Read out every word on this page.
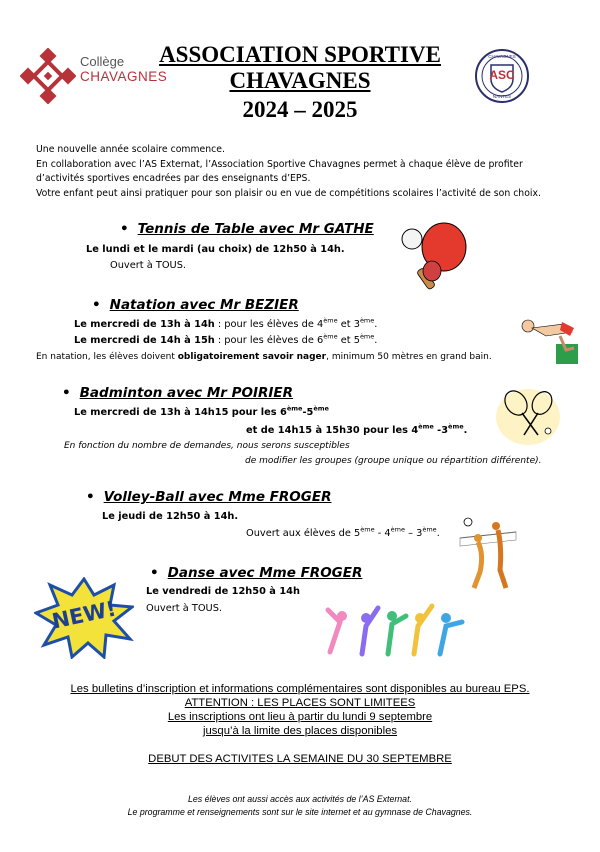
Collège
CHAVAGNES
ASSOCIATION SPORTIVE
CHAVAGNES
2024 – 2025
ASC
CHAVAGNES
NANTES
Une nouvelle année scolaire commence.
En collaboration avec l’AS Externat, l’Association Sportive Chavagnes permet à chaque élève de profiter
d’activités sportives encadrées par des enseignants d’EPS.
Votre enfant peut ainsi pratiquer pour son plaisir ou en vue de compétitions scolaires l’activité de son choix.
• Tennis de Table avec Mr GATHE
Le lundi et le mardi (au choix) de 12h50 à 14h.
Ouvert à TOUS.
• Natation avec Mr BEZIER
Le mercredi de 13h à 14h : pour les élèves de 4ème et 3ème.
Le mercredi de 14h à 15h : pour les élèves de 6ème et 5ème.
En natation, les élèves doivent obligatoirement savoir nager, minimum 50 mètres en grand bain.
• Badminton avec Mr POIRIER
Le mercredi de 13h à 14h15 pour les 6ème-5ème
et de 14h15 à 15h30 pour les 4ème -3ème.
En fonction du nombre de demandes, nous serons susceptibles
de modifier les groupes (groupe unique ou répartition différente).
• Volley-Ball avec Mme FROGER
Le jeudi de 12h50 à 14h.
Ouvert aux élèves de 5ème - 4ème – 3ème.
• Danse avec Mme FROGER
Le vendredi de 12h50 à 14h
Ouvert à TOUS.
NEW!
Les bulletins d’inscription et informations complémentaires sont disponibles au bureau EPS.
ATTENTION : LES PLACES SONT LIMITEES
Les inscriptions ont lieu à partir du lundi 9 septembre
jusqu’à la limite des places disponibles
DEBUT DES ACTIVITES LA SEMAINE DU 30 SEPTEMBRE
Les élèves ont aussi accès aux activités de l’AS Externat.
Le programme et renseignements sont sur le site internet et au gymnase de Chavagnes.
